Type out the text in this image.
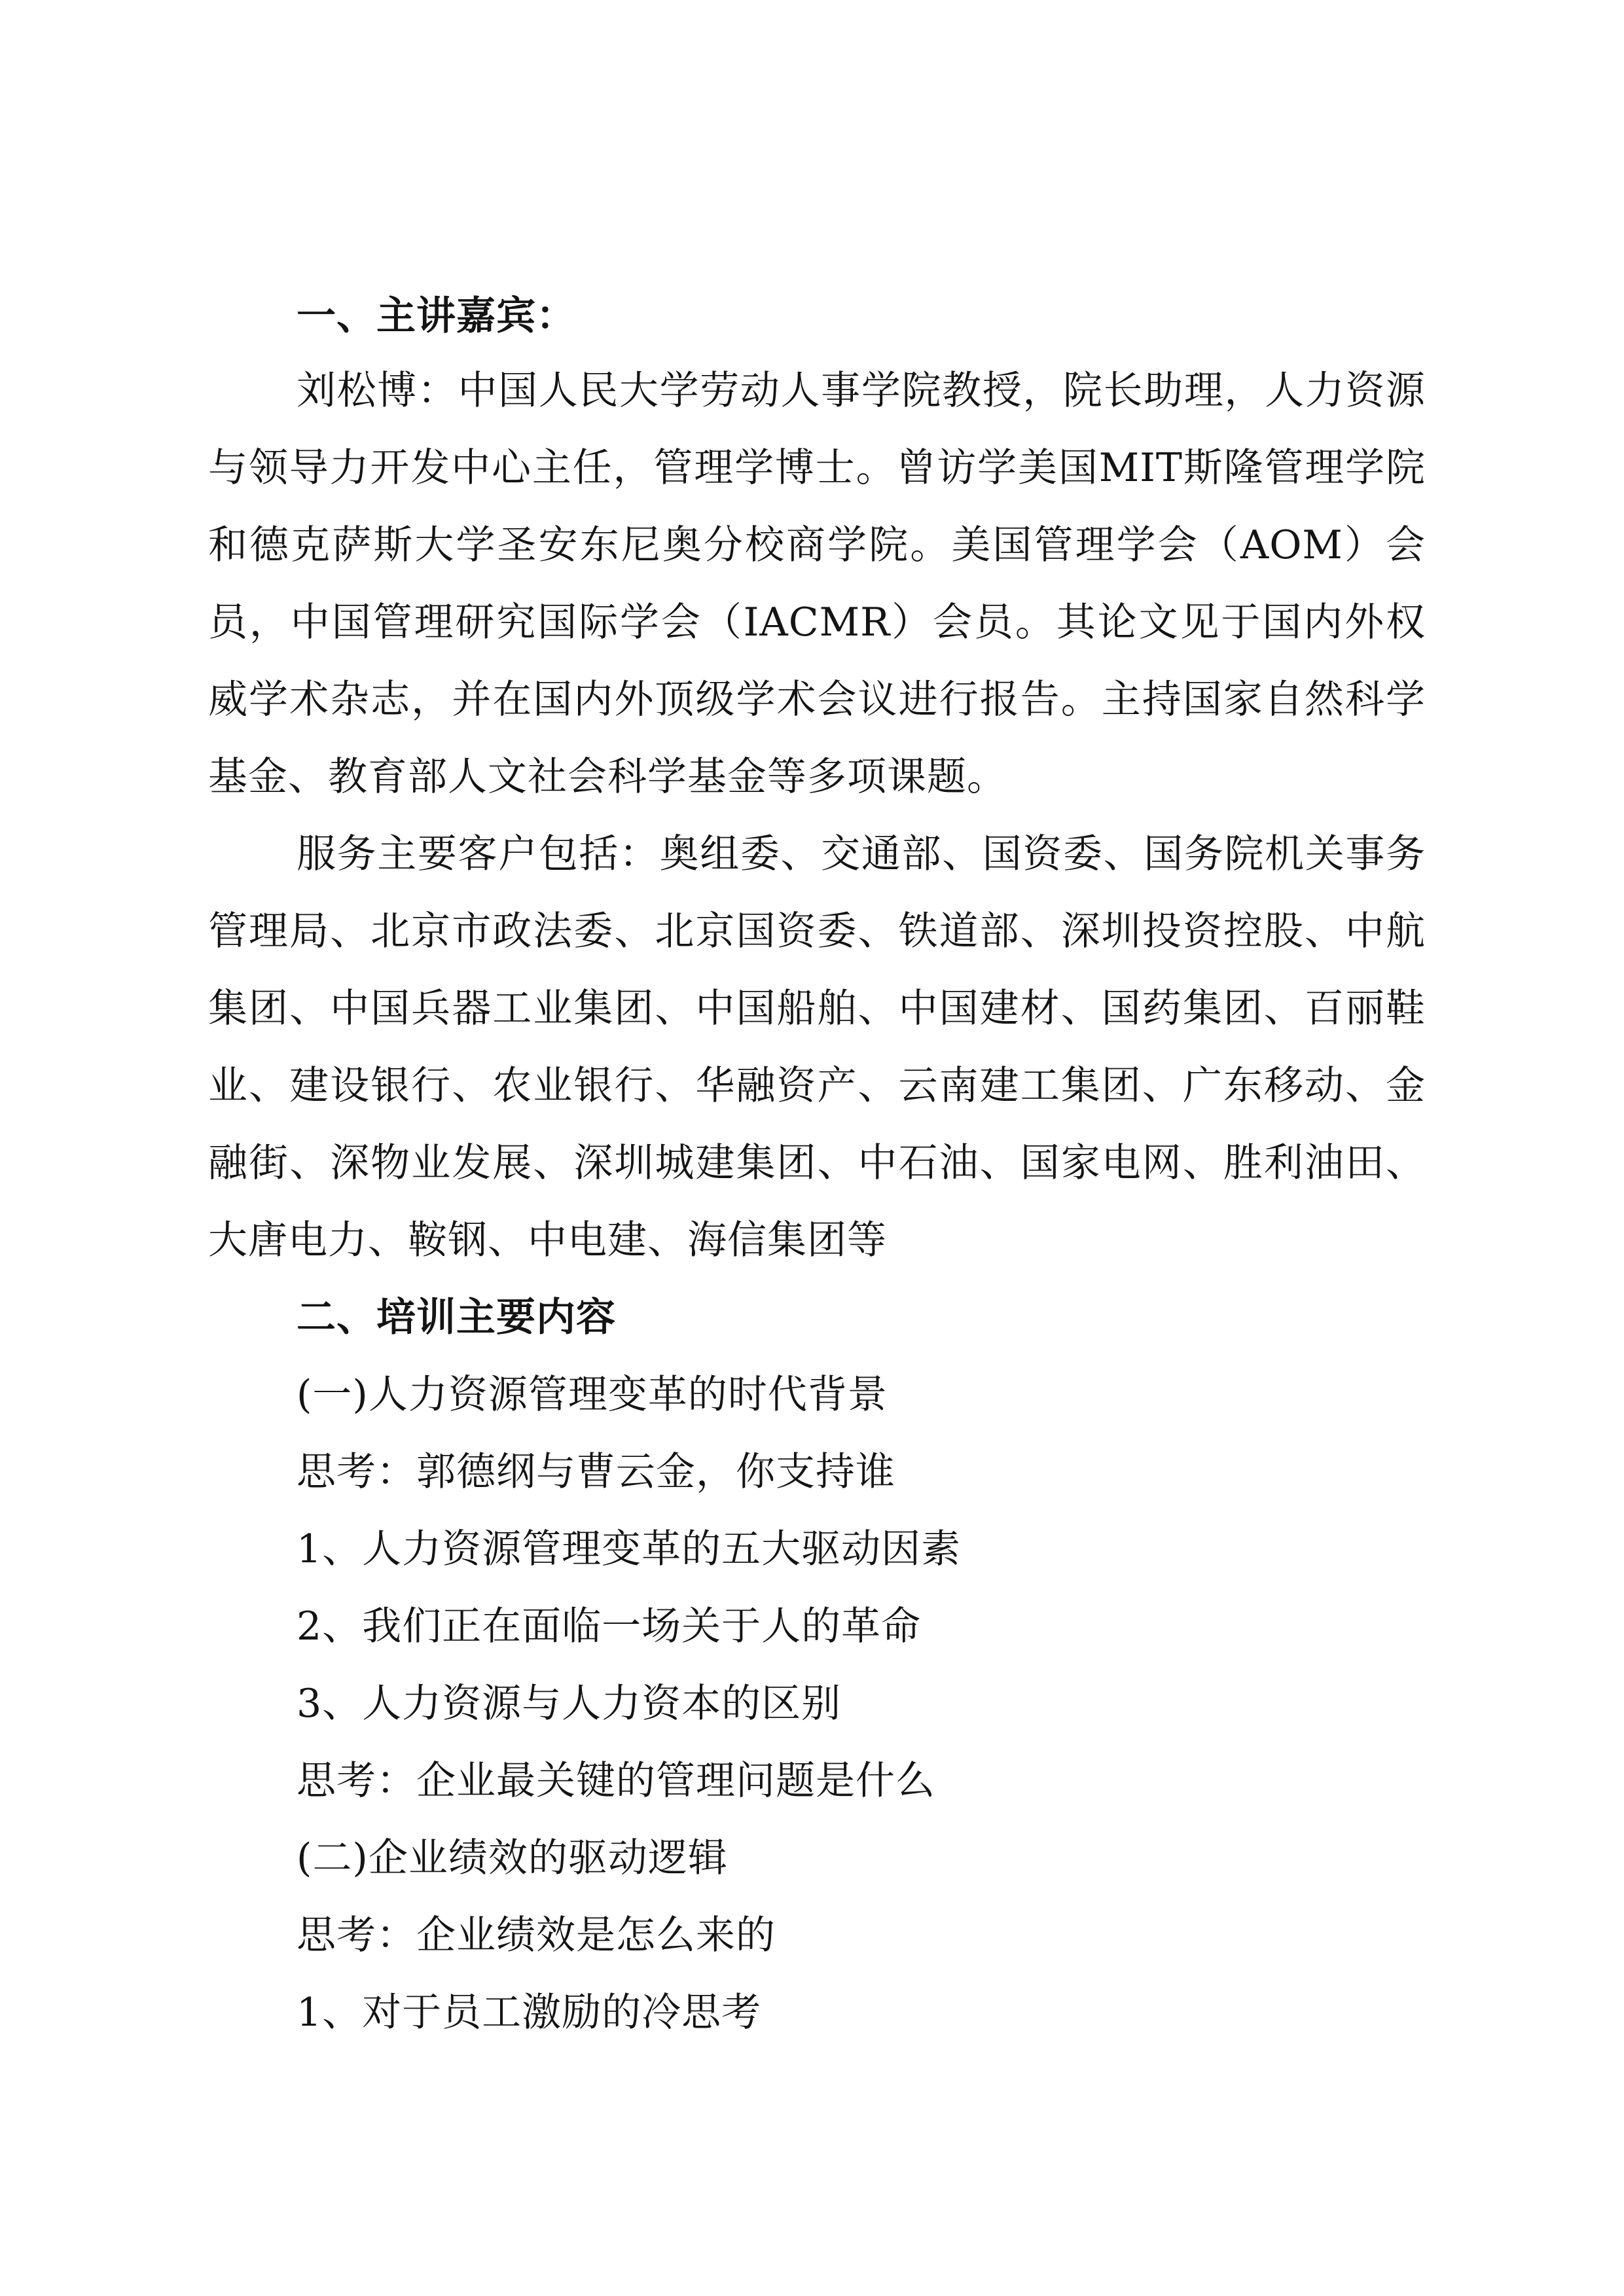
一、主讲嘉宾：
刘松博：中国人民大学劳动人事学院教授，院长助理，人力资源与领导力开发中心主任，管理学博士。曾访学美国MIT斯隆管理学院和德克萨斯大学圣安东尼奥分校商学院。美国管理学会（AOM）会员，中国管理研究国际学会（IACMR）会员。其论文见于国内外权威学术杂志，并在国内外顶级学术会议进行报告。主持国家自然科学基金、教育部人文社会科学基金等多项课题。
服务主要客户包括：奥组委、交通部、国资委、国务院机关事务管理局、北京市政法委、北京国资委、铁道部、深圳投资控股、中航集团、中国兵器工业集团、中国船舶、中国建材、国药集团、百丽鞋业、建设银行、农业银行、华融资产、云南建工集团、广东移动、金融街、深物业发展、深圳城建集团、中石油、国家电网、胜利油田、大唐电力、鞍钢、中电建、海信集团等
二、培训主要内容
(一)人力资源管理变革的时代背景
思考：郭德纲与曹云金，你支持谁
1、人力资源管理变革的五大驱动因素
2、我们正在面临一场关于人的革命
3、人力资源与人力资本的区别
思考：企业最关键的管理问题是什么
(二)企业绩效的驱动逻辑
思考：企业绩效是怎么来的
1、对于员工激励的冷思考
